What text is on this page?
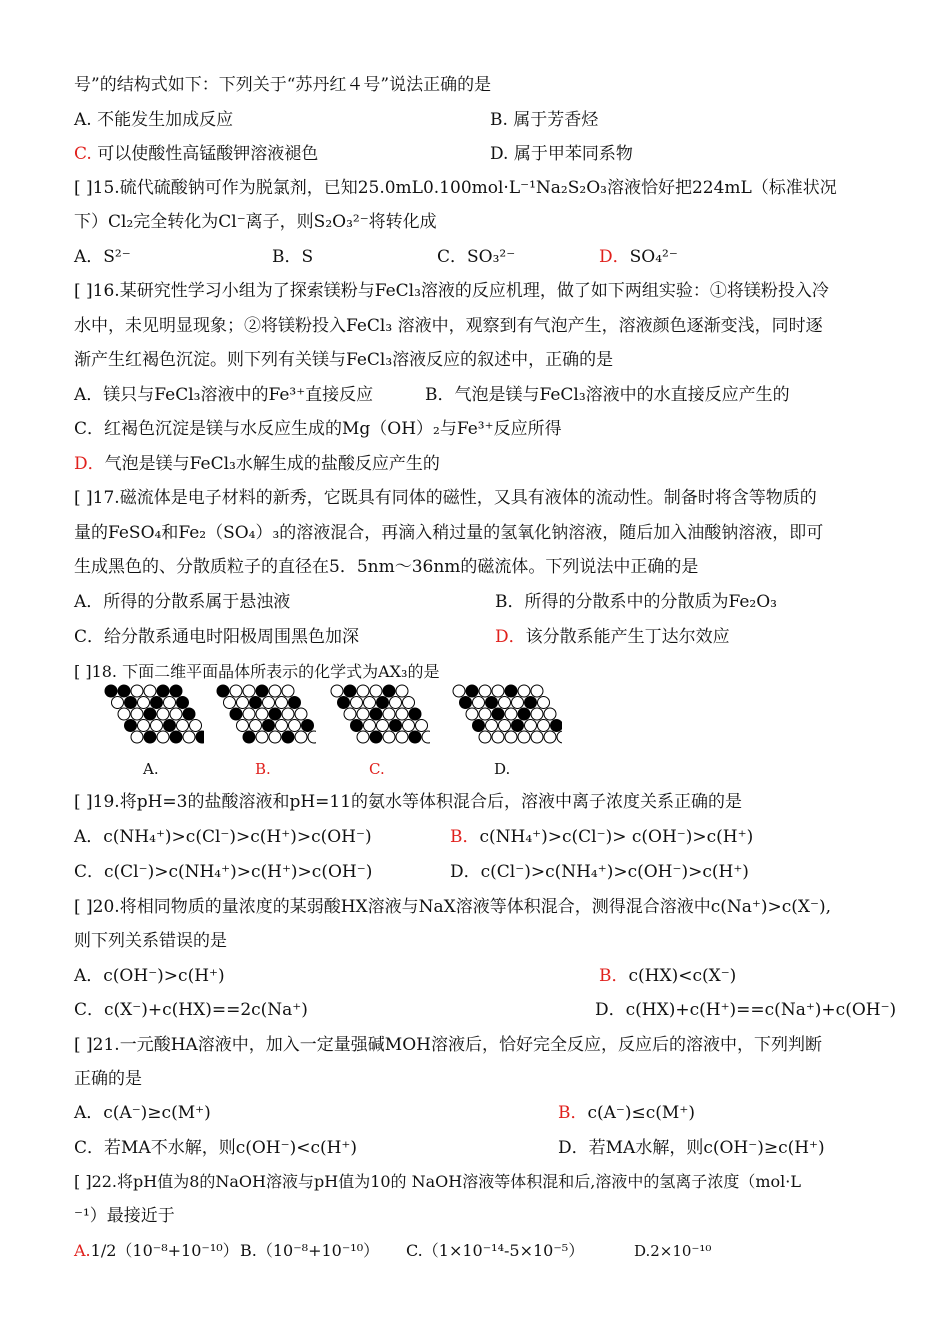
号”的结构式如下：下列关于“苏丹红４号”说法正确的是
A. 不能发生加成反应	B. 属于芳香烃
C. 可以使酸性高锰酸钾溶液褪色	D. 属于甲苯同系物
[ ]15.硫代硫酸钠可作为脱氯剂，已知25.0mL0.100mol·L⁻¹Na₂S₂O₃溶液恰好把224mL（标准状况
下）Cl₂完全转化为Cl⁻离子，则S₂O₃²⁻将转化成
A．S²⁻	B．S	C．SO₃²⁻	D．SO₄²⁻
[ ]16.某研究性学习小组为了探索镁粉与FeCl₃溶液的反应机理，做了如下两组实验：①将镁粉投入冷
水中，未见明显现象；②将镁粉投入FeCl₃ 溶液中，观察到有气泡产生，溶液颜色逐渐变浅，同时逐
渐产生红褐色沉淀。则下列有关镁与FeCl₃溶液反应的叙述中，正确的是
A．镁只与FeCl₃溶液中的Fe³⁺直接反应	B．气泡是镁与FeCl₃溶液中的水直接反应产生的
C．红褐色沉淀是镁与水反应生成的Mg（OH）₂与Fe³⁺反应所得
D．气泡是镁与FeCl₃水解生成的盐酸反应产生的
[ ]17.磁流体是电子材料的新秀，它既具有同体的磁性，又具有液体的流动性。制备时将含等物质的
量的FeSO₄和Fe₂（SO₄）₃的溶液混合，再滴入稍过量的氢氧化钠溶液，随后加入油酸钠溶液，即可
生成黑色的、分散质粒子的直径在5．5nm～36nm的磁流体。下列说法中正确的是
A．所得的分散系属于悬浊液	B．所得的分散系中的分散质为Fe₂O₃
C．给分散系通电时阳极周围黑色加深	D．该分散系能产生丁达尔效应
[ ]18. 下面二维平面晶体所表示的化学式为AX₃的是
A.	B.	C.	D.
[ ]19.将pH=3的盐酸溶液和pH=11的氨水等体积混合后，溶液中离子浓度关系正确的是
A．c(NH₄⁺)>c(Cl⁻)>c(H⁺)>c(OH⁻)	B．c(NH₄⁺)>c(Cl⁻)> c(OH⁻)>c(H⁺)
C．c(Cl⁻)>c(NH₄⁺)>c(H⁺)>c(OH⁻)	D．c(Cl⁻)>c(NH₄⁺)>c(OH⁻)>c(H⁺)
[ ]20.将相同物质的量浓度的某弱酸HX溶液与NaX溶液等体积混合，测得混合溶液中c(Na⁺)>c(X⁻),
则下列关系错误的是
A．c(OH⁻)>c(H⁺)	B．c(HX)<c(X⁻)
C．c(X⁻)+c(HX)==2c(Na⁺)	D．c(HX)+c(H⁺)==c(Na⁺)+c(OH⁻)
[ ]21.一元酸HA溶液中，加入一定量强碱MOH溶液后，恰好完全反应，反应后的溶液中，下列判断
正确的是
A．c(A⁻)≥c(M⁺)	B．c(A⁻)≤c(M⁺)
C．若MA不水解，则c(OH⁻)<c(H⁺)	D．若MA水解，则c(OH⁻)≥c(H⁺)
[ ]22.将pH值为8的NaOH溶液与pH值为10的 NaOH溶液等体积混和后,溶液中的氢离子浓度（mol·L
⁻¹）最接近于
A.1/2（10⁻⁸+10⁻¹⁰） B.（10⁻⁸+10⁻¹⁰） C.（1×10⁻¹⁴-5×10⁻⁵）	D.2×10⁻¹⁰
